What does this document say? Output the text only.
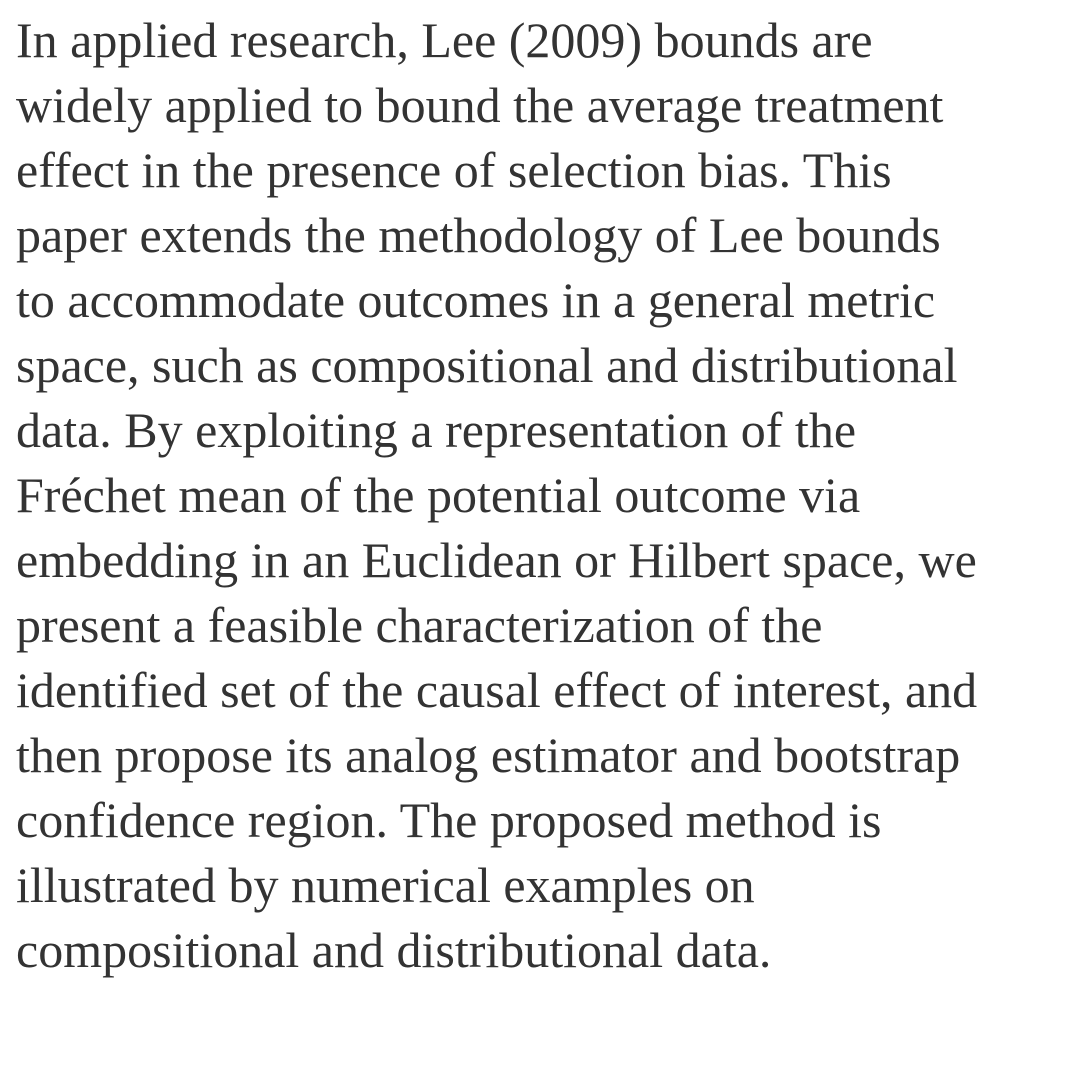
In applied research, Lee (2009) bounds are
widely applied to bound the average treatment
effect in the presence of selection bias. This
paper extends the methodology of Lee bounds
to accommodate outcomes in a general metric
space, such as compositional and distributional
data. By exploiting a representation of the
Fréchet mean of the potential outcome via
embedding in an Euclidean or Hilbert space, we
present a feasible characterization of the
identified set of the causal effect of interest, and
then propose its analog estimator and bootstrap
confidence region. The proposed method is
illustrated by numerical examples on
compositional and distributional data.
